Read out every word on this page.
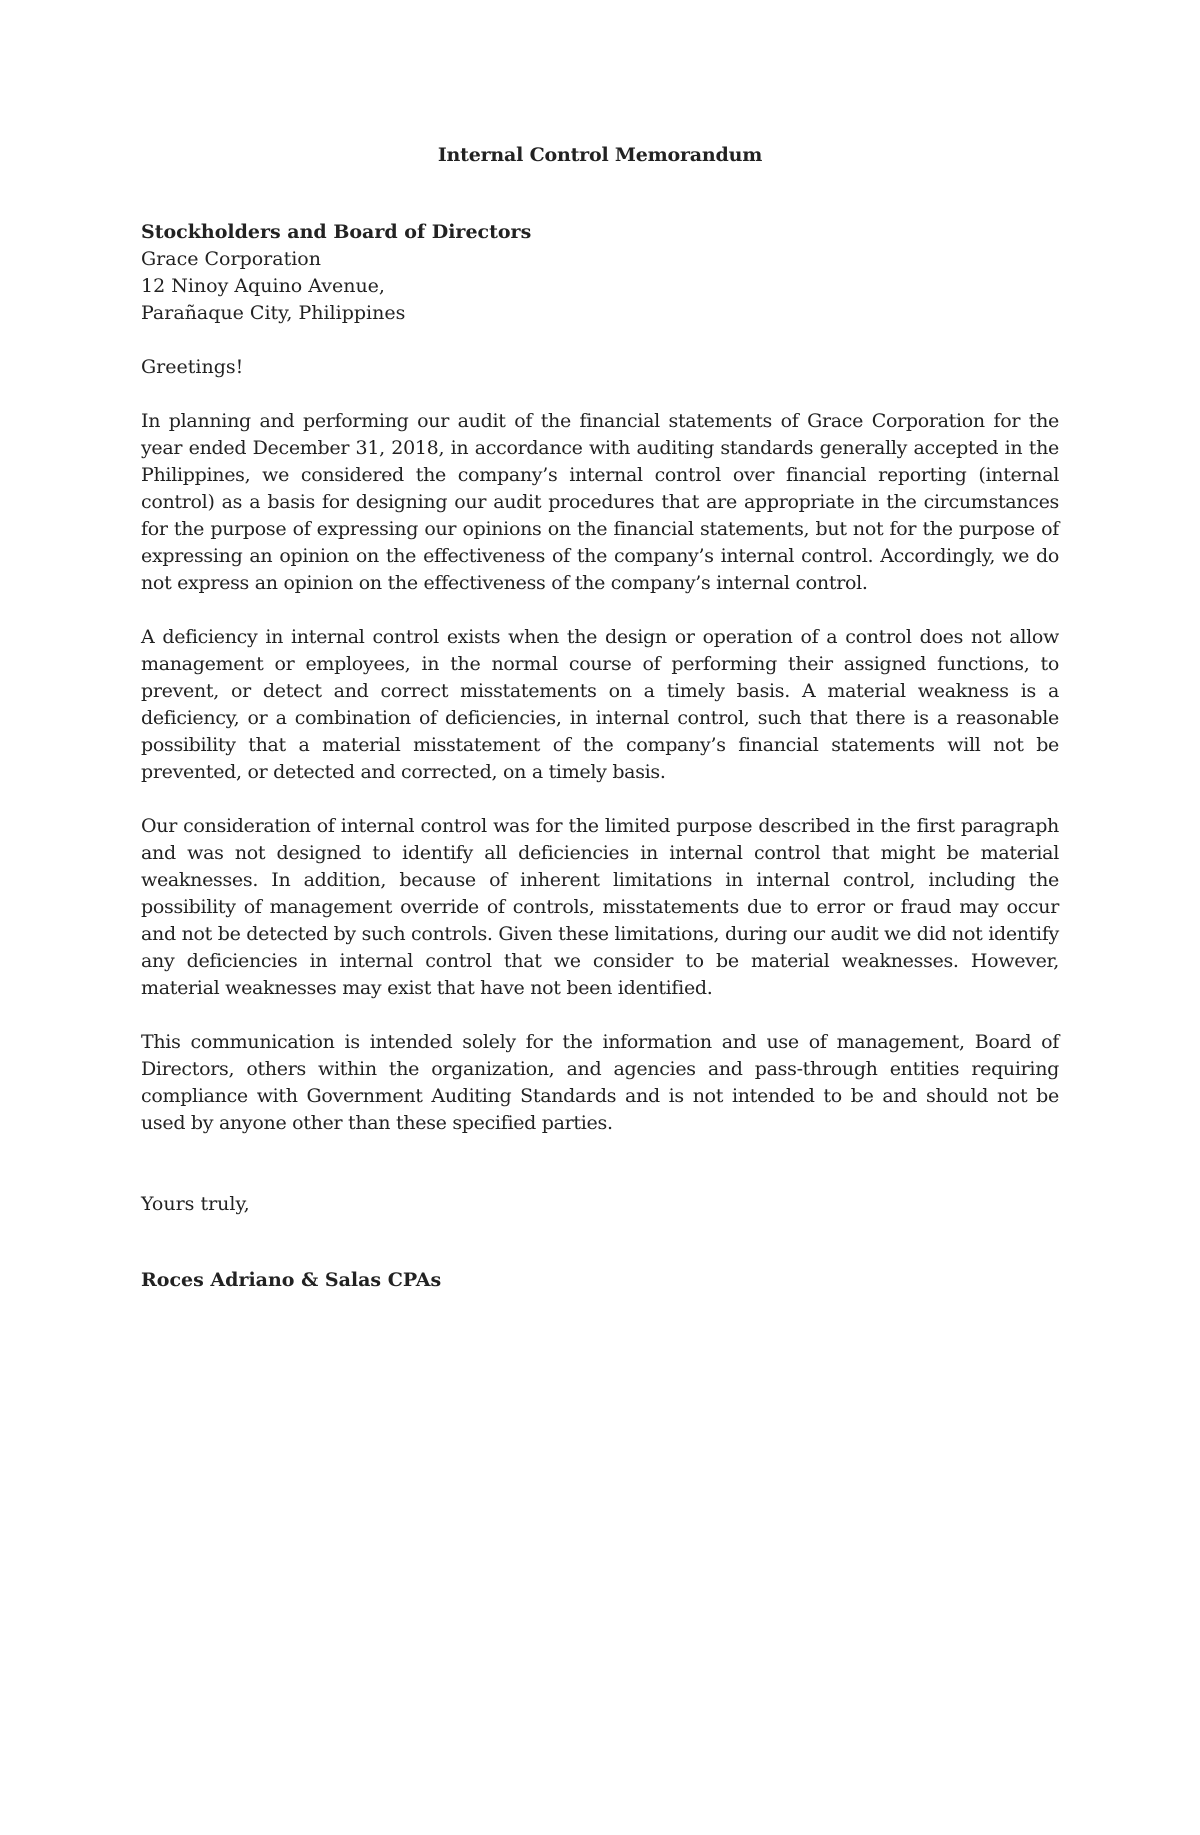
Internal Control Memorandum
Stockholders and Board of Directors
Grace Corporation
12 Ninoy Aquino Avenue,
Parañaque City, Philippines
Greetings!

In planning and performing our audit of the financial statements of Grace Corporation for the year ended December 31, 2018, in accordance with auditing standards generally accepted in the Philippines, we considered the company’s internal control over financial reporting (internal control) as a basis for designing our audit procedures that are appropriate in the circumstances for the purpose of expressing our opinions on the financial statements, but not for the purpose of expressing an opinion on the effectiveness of the company’s internal control. Accordingly, we do not express an opinion on the effectiveness of the company’s internal control.

A deficiency in internal control exists when the design or operation of a control does not allow management or employees, in the normal course of performing their assigned functions, to prevent, or detect and correct misstatements on a timely basis. A material weakness is a deficiency, or a combination of deficiencies, in internal control, such that there is a reasonable possibility that a material misstatement of the company’s financial statements will not be prevented, or detected and corrected, on a timely basis.

Our consideration of internal control was for the limited purpose described in the first paragraph and was not designed to identify all deficiencies in internal control that might be material weaknesses. In addition, because of inherent limitations in internal control, including the possibility of management override of controls, misstatements due to error or fraud may occur and not be detected by such controls. Given these limitations, during our audit we did not identify any deficiencies in internal control that we consider to be material weaknesses. However, material weaknesses may exist that have not been identified.

This communication is intended solely for the information and use of management, Board of Directors, others within the organization, and agencies and pass-through entities requiring compliance with Government Auditing Standards and is not intended to be and should not be used by anyone other than these specified parties.

Yours truly,
Roces Adriano & Salas CPAs
